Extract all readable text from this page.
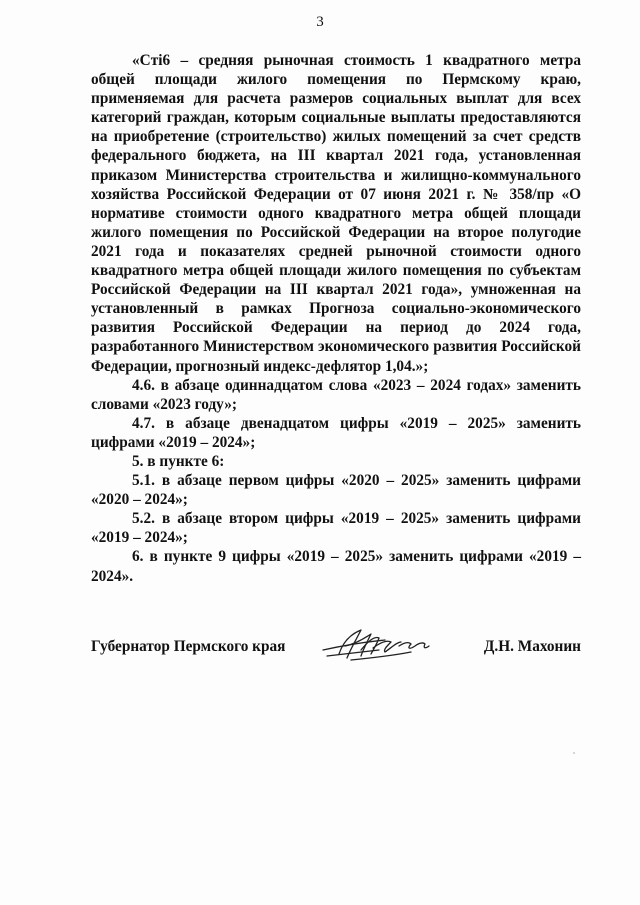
3

«Cті6 – средняя рыночная стоимость 1 квадратного метра общей площади жилого помещения по Пермскому краю, применяемая для расчета размеров социальных выплат для всех категорий граждан, которым социальные выплаты предоставляются на приобретение (строительство) жилых помещений за счет средств федерального бюджета, на III квартал 2021 года, установленная приказом Министерства строительства и жилищно-коммунального хозяйства Российской Федерации от 07 июня 2021 г. № 358/пр «О нормативе стоимости одного квадратного метра общей площади жилого помещения по Российской Федерации на второе полугодие 2021 года и показателях средней рыночной стоимости одного квадратного метра общей площади жилого помещения по субъектам Российской Федерации на III квартал 2021 года», умноженная на установленный в рамках Прогноза социально-экономического развития Российской Федерации на период до 2024 года, разработанного Министерством экономического развития Российской Федерации, прогнозный индекс-дефлятор 1,04.»;

4.6. в абзаце одиннадцатом слова «2023 – 2024 годах» заменить словами «2023 году»;

4.7. в абзаце двенадцатом цифры «2019 – 2025» заменить цифрами «2019 – 2024»;

5. в пункте 6:

5.1. в абзаце первом цифры «2020 – 2025» заменить цифрами «2020 – 2024»;

5.2. в абзаце втором цифры «2019 – 2025» заменить цифрами «2019 – 2024»;

6. в пункте 9 цифры «2019 – 2025» заменить цифрами «2019 – 2024».

Губернатор Пермского края	Д.Н. Махонин
